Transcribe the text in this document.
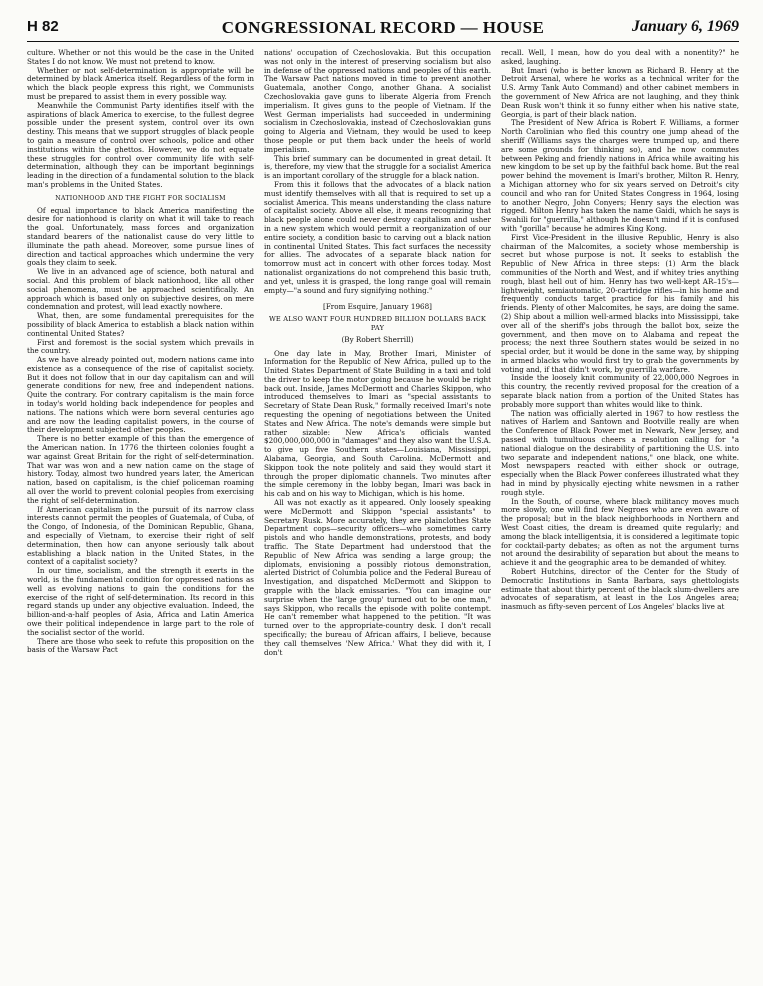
H 82	CONGRESSIONAL RECORD — HOUSE	January 6, 1969

culture. Whether or not this would be the case in the United States I do not know. We must not pretend to know.

Whether or not self-determination is appropriate will be determined by black America itself. Regardless of the form in which the black people express this right, we Communists must be prepared to assist them in every possible way.

Meanwhile the Communist Party identifies itself with the aspirations of black America to exercise, to the fullest degree possible under the present system, control over its own destiny. This means that we support struggles of black people to gain a measure of control over schools, police and other institutions within the ghettos. However, we do not equate these struggles for control over community life with self-determination, although they can be important beginnings leading in the direction of a fundamental solution to the black man's problems in the United States.

NATIONHOOD AND THE FIGHT FOR SOCIALISM

Of equal importance to black America manifesting the desire for nationhood is clarity on what it will take to reach the goal. Unfortunately, mass forces and organization standard bearers of the nationalist cause do very little to illuminate the path ahead. Moreover, some pursue lines of direction and tactical approaches which undermine the very goals they claim to seek.

We live in an advanced age of science, both natural and social. And this problem of black nationhood, like all other social phenomena, must be approached scientifically. An approach which is based only on subjective desires, on mere condemnation and protest, will lead exactly nowhere.

What, then, are some fundamental prerequisites for the possibility of black America to establish a black nation within continental United States?

First and foremost is the social system which prevails in the country.

As we have already pointed out, modern nations came into existence as a consequence of the rise of capitalist society. But it does not follow that in our day capitalism can and will generate conditions for new, free and independent nations. Quite the contrary. For contrary capitalism is the main force in today's world holding back independence for peoples and nations. The nations which were born several centuries ago and are now the leading capitalist powers, in the course of their development subjected other peoples.

There is no better example of this than the emergence of the American nation. In 1776 the thirteen colonies fought a war against Great Britain for the right of self-determination. That war was won and a new nation came on the stage of history. Today, almost two hundred years later, the American nation, based on capitalism, is the chief policeman roaming all over the world to prevent colonial peoples from exercising the right of self-determination.

If American capitalism in the pursuit of its narrow class interests cannot permit the peoples of Guatemala, of Cuba, of the Congo, of Indonesia, of the Dominican Republic, Ghana, and especially of Vietnam, to exercise their right of self determination, then how can anyone seriously talk about establishing a black nation in the United States, in the context of a capitalist society?

In our time, socialism, and the strength it exerts in the world, is the fundamental condition for oppressed nations as well as evolving nations to gain the conditions for the exercise of the right of self-determination. Its record in this regard stands up under any objective evaluation. Indeed, the billion-and-a-half peoples of Asia, Africa and Latin America owe their political independence in large part to the role of the socialist sector of the world.

There are those who seek to refute this proposition on the basis of the Warsaw Pact

nations' occupation of Czechoslovakia. But this occupation was not only in the interest of preserving socialism but also in defense of the oppressed nations and peoples of this earth. The Warsaw Pact nations moved in time to prevent another Guatemala, another Congo, another Ghana. A socialist Czechoslovakia gave guns to liberate Algeria from French imperialism. It gives guns to the people of Vietnam. If the West German imperialists had succeeded in undermining socialism in Czechoslovakia, instead of Czechoslovakian guns going to Algeria and Vietnam, they would be used to keep those people or put them back under the heels of world imperialism.

This brief summary can be documented in great detail. It is, therefore, my view that the struggle for a socialist America is an important corollary of the struggle for a black nation.

From this it follows that the advocates of a black nation must identify themselves with all that is required to set up a socialist America. This means understanding the class nature of capitalist society. Above all else, it means recognizing that black people alone could never destroy capitalism and usher in a new system which would permit a reorganization of our entire society, a condition basic to carving out a black nation in continental United States. This fact surfaces the necessity for allies. The advocates of a separate black nation for tomorrow must act in concert with other forces today. Most nationalist organizations do not comprehend this basic truth, and yet, unless it is grasped, the long range goal will remain empty—"a sound and fury signifying nothing."

[From Esquire, January 1968]
WE ALSO WANT FOUR HUNDRED BILLION DOLLARS BACK PAY
(By Robert Sherrill)

One day late in May, Brother Imari, Minister of Information for the Republic of New Africa, pulled up to the United States Department of State Building in a taxi and told the driver to keep the motor going because he would be right back out. Inside, James McDermott and Charles Skippon, who introduced themselves to Imari as "special assistants to Secretary of State Dean Rusk," formally received Imari's note requesting the opening of negotiations between the United States and New Africa. The note's demands were simple but rather sizable: New Africa's officials wanted $200,000,000,000 in "damages" and they also want the U.S.A. to give up five Southern states—Louisiana, Mississippi, Alabama, Georgia, and South Carolina. McDermott and Skippon took the note politely and said they would start it through the proper diplomatic channels. Two minutes after the simple ceremony in the lobby began, Imari was back in his cab and on his way to Michigan, which is his home.

All was not exactly as it appeared. Only loosely speaking were McDermott and Skippon "special assistants" to Secretary Rusk. More accurately, they are plainclothes State Department cops—security officers—who sometimes carry pistols and who handle demonstrations, protests, and body traffic. The State Department had understood that the Republic of New Africa was sending a large group; the diplomats, envisioning a possibly riotous demonstration, alerted District of Columbia police and the Federal Bureau of Investigation, and dispatched McDermott and Skippon to grapple with the black emissaries. "You can imagine our surprise when the 'large group' turned out to be one man," says Skippon, who recalls the episode with polite contempt. He can't remember what happened to the petition. "It was turned over to the appropriate-country desk. I don't recall specifically; the bureau of African affairs, I believe, because they call themselves 'New Africa.' What they did with it, I don't

recall. Well, I mean, how do you deal with a nonentity?" he asked, laughing.

But Imari (who is better known as Richard B. Henry at the Detroit Arsenal, where he works as a technical writer for the U.S. Army Tank Auto Command) and other cabinet members in the government of New Africa are not laughing, and they think Dean Rusk won't think it so funny either when his native state, Georgia, is part of their black nation.

The President of New Africa is Robert F. Williams, a former North Carolinian who fled this country one jump ahead of the sheriff (Williams says the charges were trumped up, and there are some grounds for thinking so), and he now commutes between Peking and friendly nations in Africa while awaiting his new kingdom to be set up by the faithful back home. But the real power behind the movement is Imari's brother, Milton R. Henry, a Michigan attorney who for six years served on Detroit's city council and who ran for United States Congress in 1964, losing to another Negro, John Conyers; Henry says the election was rigged. Milton Henry has taken the name Gaidi, which he says is Swahili for "guerrilla," although he doesn't mind if it is confused with "gorilla" because he admires King Kong.

First Vice-President in the illusive Republic, Henry is also chairman of the Malcomites, a society whose membership is secret but whose purpose is not. It seeks to establish the Republic of New Africa in three steps: (1) Arm the black communities of the North and West, and if whitey tries anything rough, blast hell out of him. Henry has two well-kept AR–15's—lightweight, semiautomatic, 20-cartridge rifles—in his home and frequently conducts target practice for his family and his friends. Plenty of other Malcomites, he says, are doing the same. (2) Ship about a million well-armed blacks into Mississippi, take over all of the sheriff's jobs through the ballot box, seize the government, and then move on to Alabama and repeat the process; the next three Southern states would be seized in no special order, but it would be done in the same way, by shipping in armed blacks who would first try to grab the governments by voting and, if that didn't work, by guerrilla warfare.

Inside the loosely knit community of 22,000,000 Negroes in this country, the recently revived proposal for the creation of a separate black nation from a portion of the United States has probably more support than whites would like to think.

The nation was officially alerted in 1967 to how restless the natives of Harlem and Santown and Bootville really are when the Conference of Black Power met in Newark, New Jersey, and passed with tumultuous cheers a resolution calling for "a national dialogue on the desirability of partitioning the U.S. into two separate and independent nations," one black, one white. Most newspapers reacted with either shock or outrage, especially when the Black Power conferees illustrated what they had in mind by physically ejecting white newsmen in a rather rough style.

In the South, of course, where black militancy moves much more slowly, one will find few Negroes who are even aware of the proposal; but in the black neighborhoods in Northern and West Coast cities, the dream is dreamed quite regularly; and among the black intelligentsia, it is considered a legitimate topic for cocktail-party debates; as often as not the argument turns not around the desirability of separation but about the means to achieve it and the geographic area to be demanded of whitey.

Robert Hutchins, director of the Center for the Study of Democratic Institutions in Santa Barbara, says ghettologists estimate that about thirty percent of the black slum-dwellers are advocates of separatism, at least in the Los Angeles area; inasmuch as fifty-seven percent of Los Angeles' blacks live at
